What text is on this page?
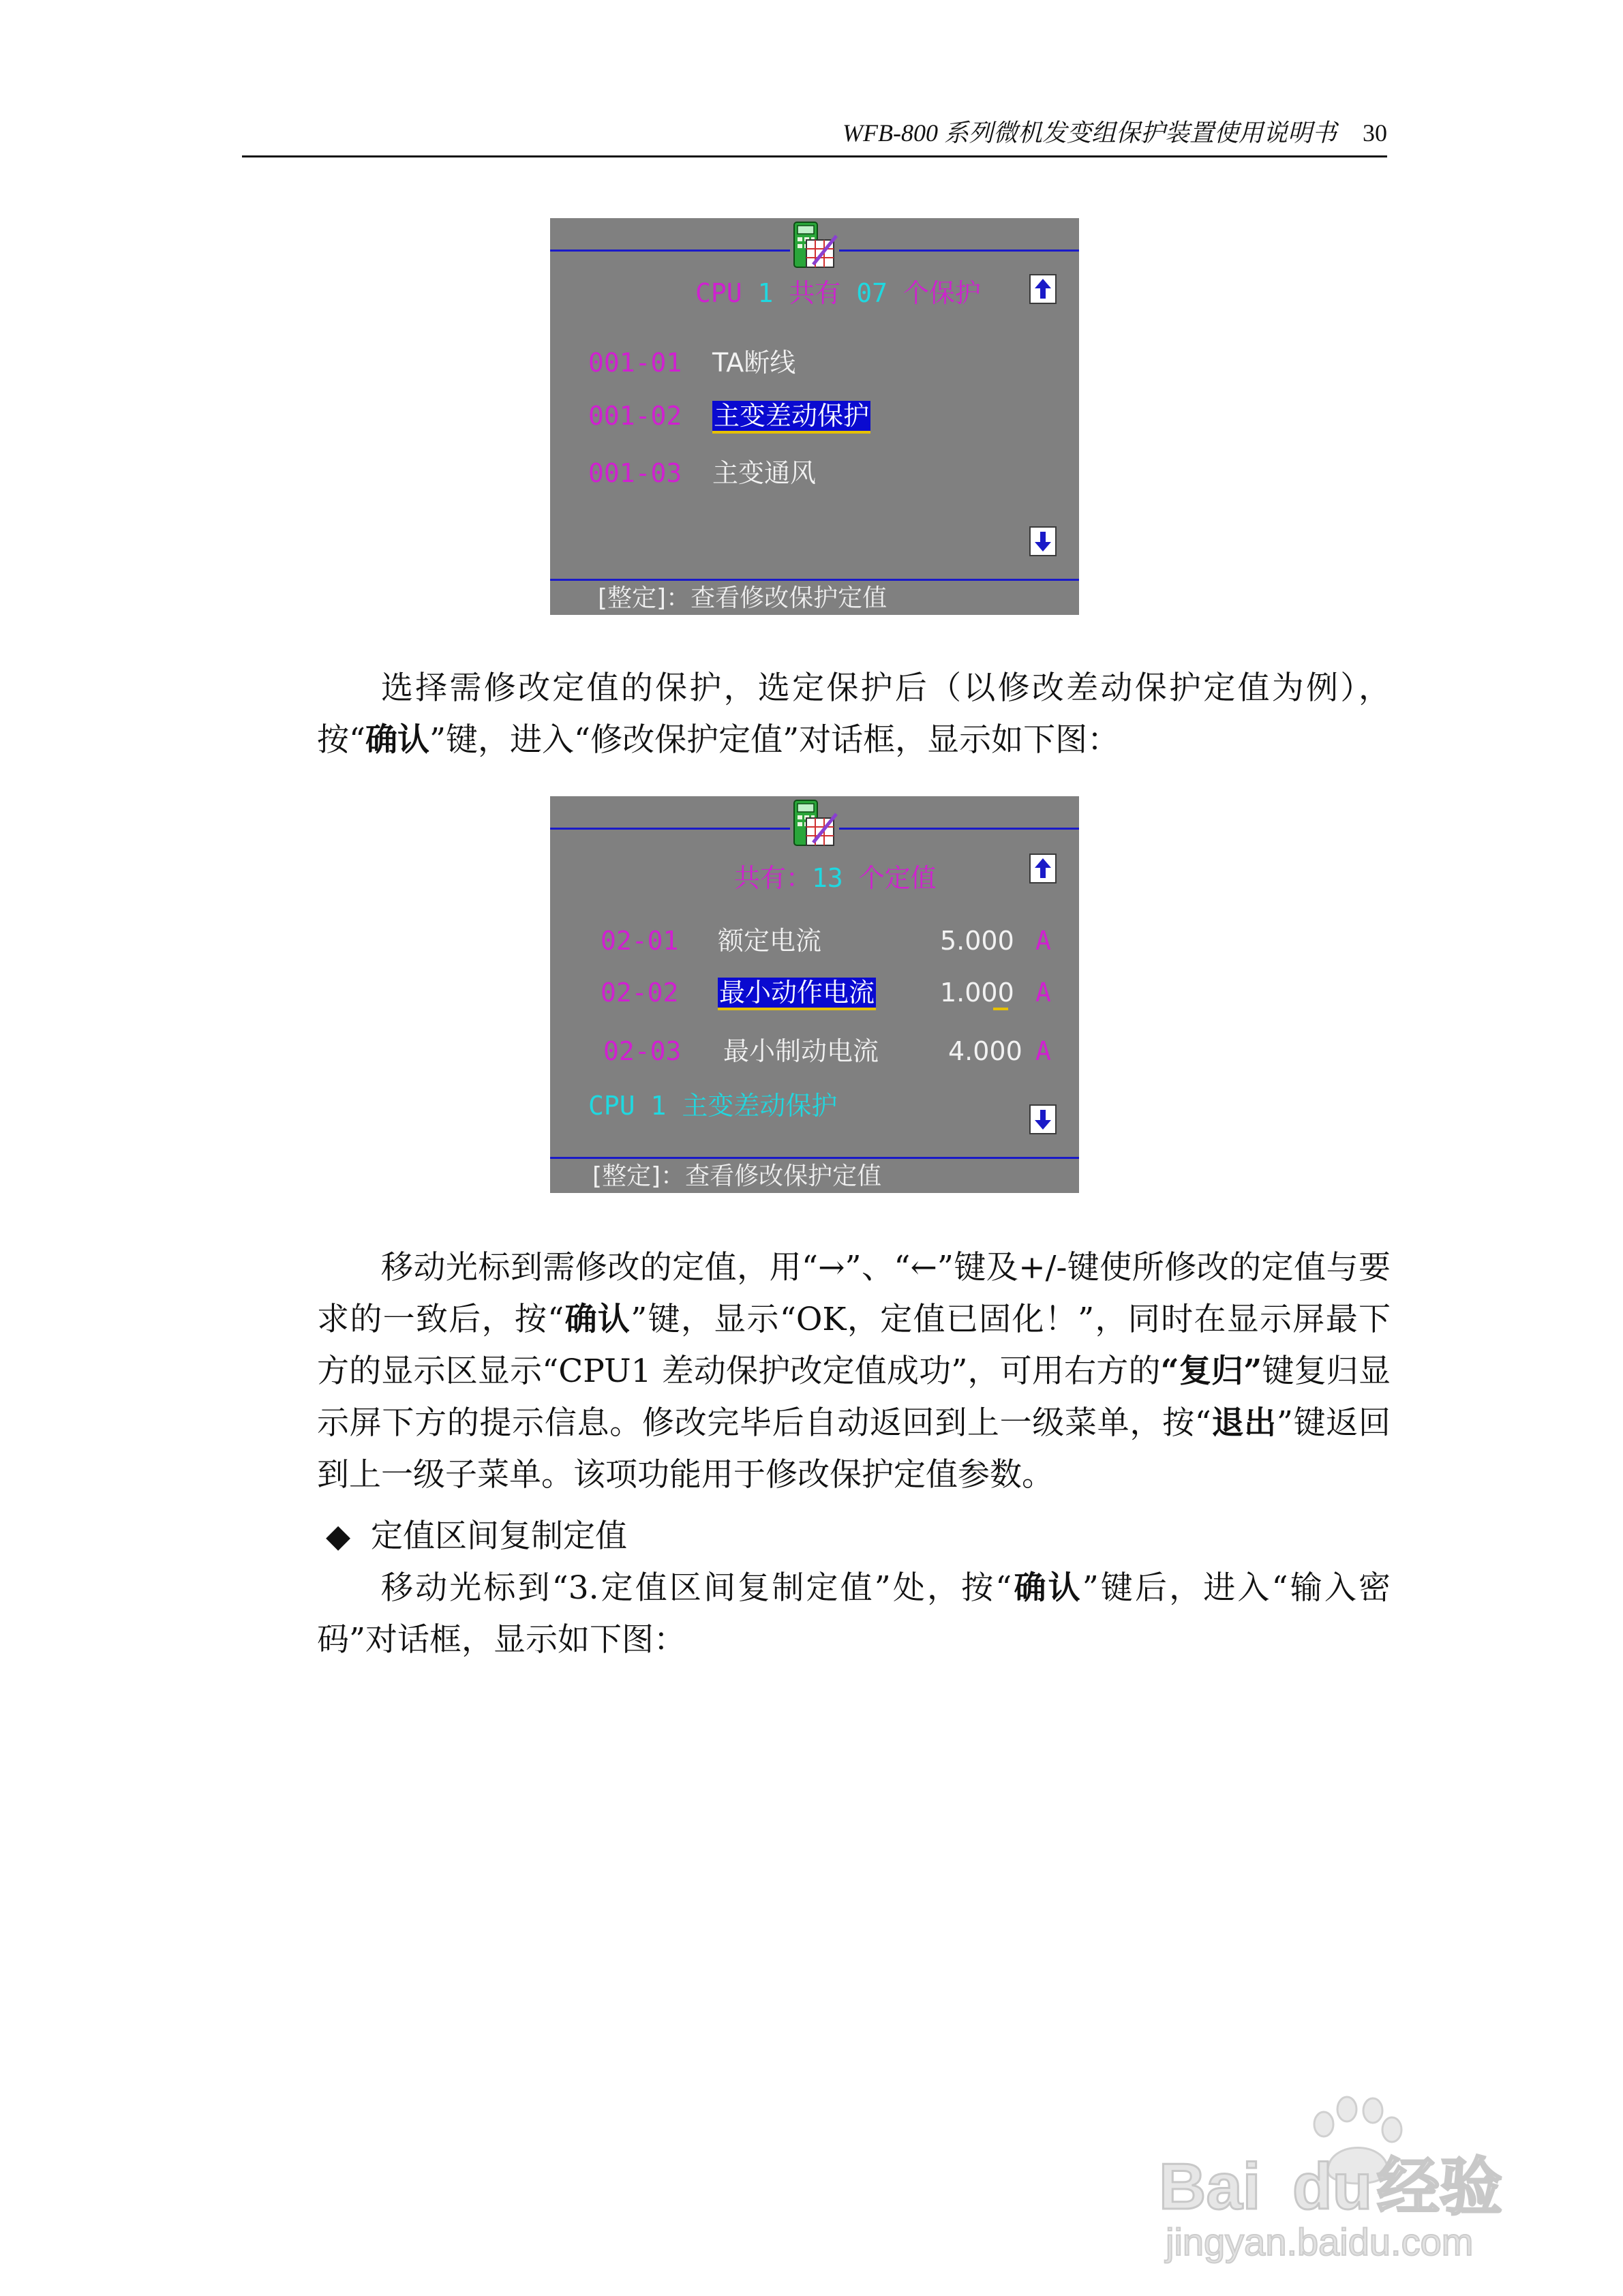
WFB-800 系列微机发变组保护装置使用说明书 30
CPU 1 共有 07 个保护
001-01 TA断线
001-02 主变差动保护
001-03 主变通风
[整定]：查看修改保护定值
选择需修改定值的保护，选定保护后（以修改差动保护定值为例），按“确认”键，进入“修改保护定值”对话框，显示如下图：
共有：13 个定值
02-01 额定电流	5.000 A
02-02 最小动作电流	1.000 A
02-03 最小制动电流	4.000 A
CPU 1 主变差动保护
[整定]：查看修改保护定值
移动光标到需修改的定值，用“→”、“←”键及+/-键使所修改的定值与要求的一致后，按“确认”键，显示“OK，定值已固化！”，同时在显示屏最下方的显示区显示“CPU1 差动保护改定值成功”，可用右方的“复归”键复归显示屏下方的提示信息。修改完毕后自动返回到上一级菜单，按“退出”键返回到上一级子菜单。该项功能用于修改保护定值参数。
◆ 定值区间复制定值
移动光标到“3.定值区间复制定值”处，按“确认”键后，进入“输入密码”对话框，显示如下图：
Bai du 经验
jingyan.baidu.com
